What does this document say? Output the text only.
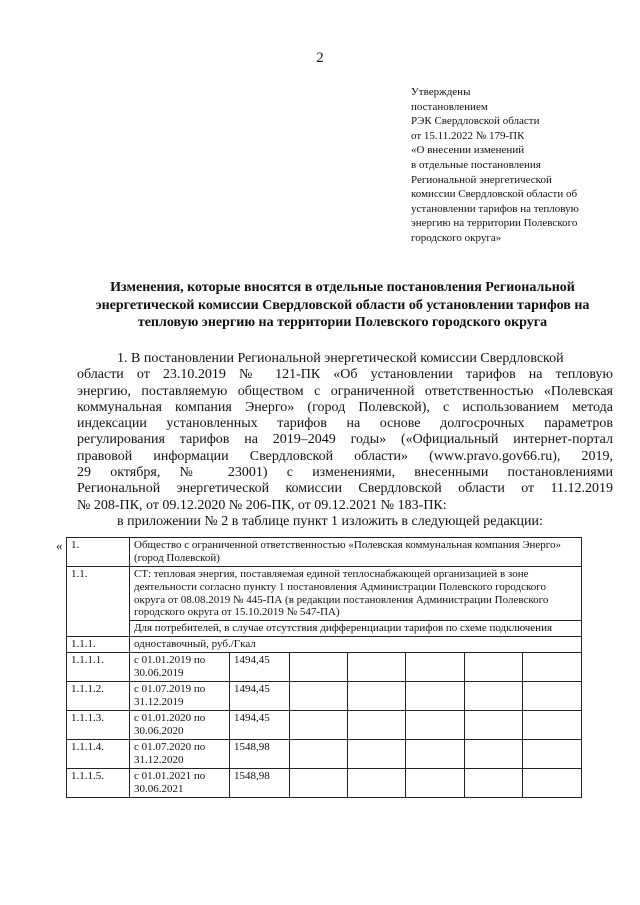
2
Утверждены
постановлением
РЭК Свердловской области
от 15.11.2022 № 179-ПК
«О внесении изменений
в отдельные постановления
Региональной энергетической
комиссии Свердловской области об
установлении тарифов на тепловую
энергию на территории Полевского
городского округа»
Изменения, которые вносятся в отдельные постановления Региональной энергетической комиссии Свердловской области об установлении тарифов на тепловую энергию на территории Полевского городского округа
1. В постановлении Региональной энергетической комиссии Свердловской
области от 23.10.2019 № 121-ПК «Об установлении тарифов на тепловую
энергию, поставляемую обществом с ограниченной ответственностью «Полевская
коммунальная компания Энерго» (город Полевской), с использованием метода
индексации установленных тарифов на основе долгосрочных параметров
регулирования тарифов на 2019–2049 годы» («Официальный интернет-портал
правовой информации Свердловской области» (www.pravo.gov66.ru), 2019,
29 октября, № 23001) с изменениями, внесенными постановлениями
Региональной энергетической комиссии Свердловской области от 11.12.2019
№ 208-ПК, от 09.12.2020 № 206-ПК, от 09.12.2021 № 183-ПК:
в приложении № 2 в таблице пункт 1 изложить в следующей редакции:
« 1.	Общество с ограниченной ответственностью «Полевская коммунальная компания Энерго» (город Полевской)						
1.1.	СТ: тепловая энергия, поставляемая единой теплоснабжающей организацией в зоне деятельности согласно пункту 1 постановления Администрации Полевского городского округа от 08.08.2019 № 445-ПА (в редакции постановления Администрации Полевского городского округа от 15.10.2019 № 547-ПА)						
	Для потребителей, в случае отсутствия дифференциации тарифов по схеме подключения						
1.1.1.	одноставочный, руб./Гкал						
1.1.1.1.	с 01.01.2019 по 30.06.2019	1494,45					
1.1.1.2.	с 01.07.2019 по 31.12.2019	1494,45					
1.1.1.3.	с 01.01.2020 по 30.06.2020	1494,45					
1.1.1.4.	с 01.07.2020 по 31.12.2020	1548,98					
1.1.1.5.	с 01.01.2021 по 30.06.2021	1548,98					
